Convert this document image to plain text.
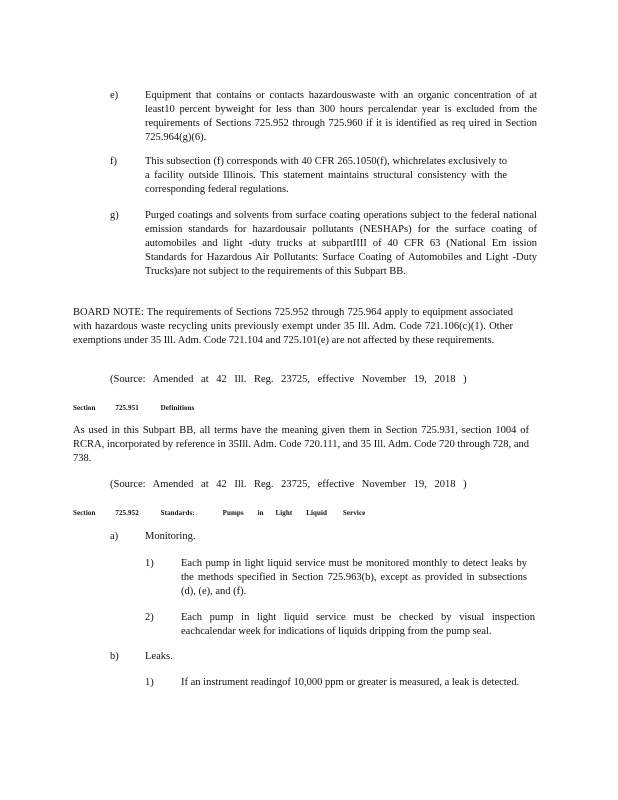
e)	Equipment that contains or contacts hazardouswaste with an organic concentration of at least10 percent byweight for less than 300 hours percalendar year is excluded from the requirements of Sections 725.952 through 725.960 if it is identified as req uired in Section 725.964(g)(6).
f)	This subsection (f) corresponds with 40 CFR 265.1050(f), whichrelates exclusively to a facility outside Illinois. This statement maintains structural consistency with the corresponding federal regulations.
g)	Purged coatings and solvents from surface coating operations subject to the federal national emission standards for hazardousair pollutants (NESHAPs) for the surface coating of automobiles and light -duty trucks at subpartIIII of 40 CFR 63 (National Em ission Standards for Hazardous Air Pollutants: Surface Coating of Automobiles and Light -Duty Trucks)are not subject to the requirements of this Subpart BB.
BOARD NOTE: The requirements of Sections 725.952 through 725.964 apply to equipment associated with hazardous waste recycling units previously exempt under 35 Ill. Adm. Code 721.106(c)(1). Other exemptions under 35 Ill. Adm. Code 721.104 and 725.101(e) are not affected by these requirements.
(Source: Amended at 42 Ill. Reg. 23725, effective November 19, 2018 )
Section	725.951	Definitions
As used in this Subpart BB, all terms have the meaning given them in Section 725.931, section 1004 of RCRA, incorporated by reference in 35Ill. Adm. Code 720.111, and 35 Ill. Adm. Code 720 through 728, and 738.
(Source: Amended at 42 Ill. Reg. 23725, effective November 19, 2018 )
Section	725.952	Standards:	Pumps in Light Liquid Service
a)	Monitoring.
1)	Each pump in light liquid service must be monitored monthly to detect leaks by the methods specified in Section 725.963(b), except as provided in subsections (d), (e), and (f).
2)	Each pump in light liquid service must be checked by visual inspection eachcalendar week for indications of liquids dripping from the pump seal.
b)	Leaks.
1)	If an instrument readingof 10,000 ppm or greater is measured, a leak is detected.
